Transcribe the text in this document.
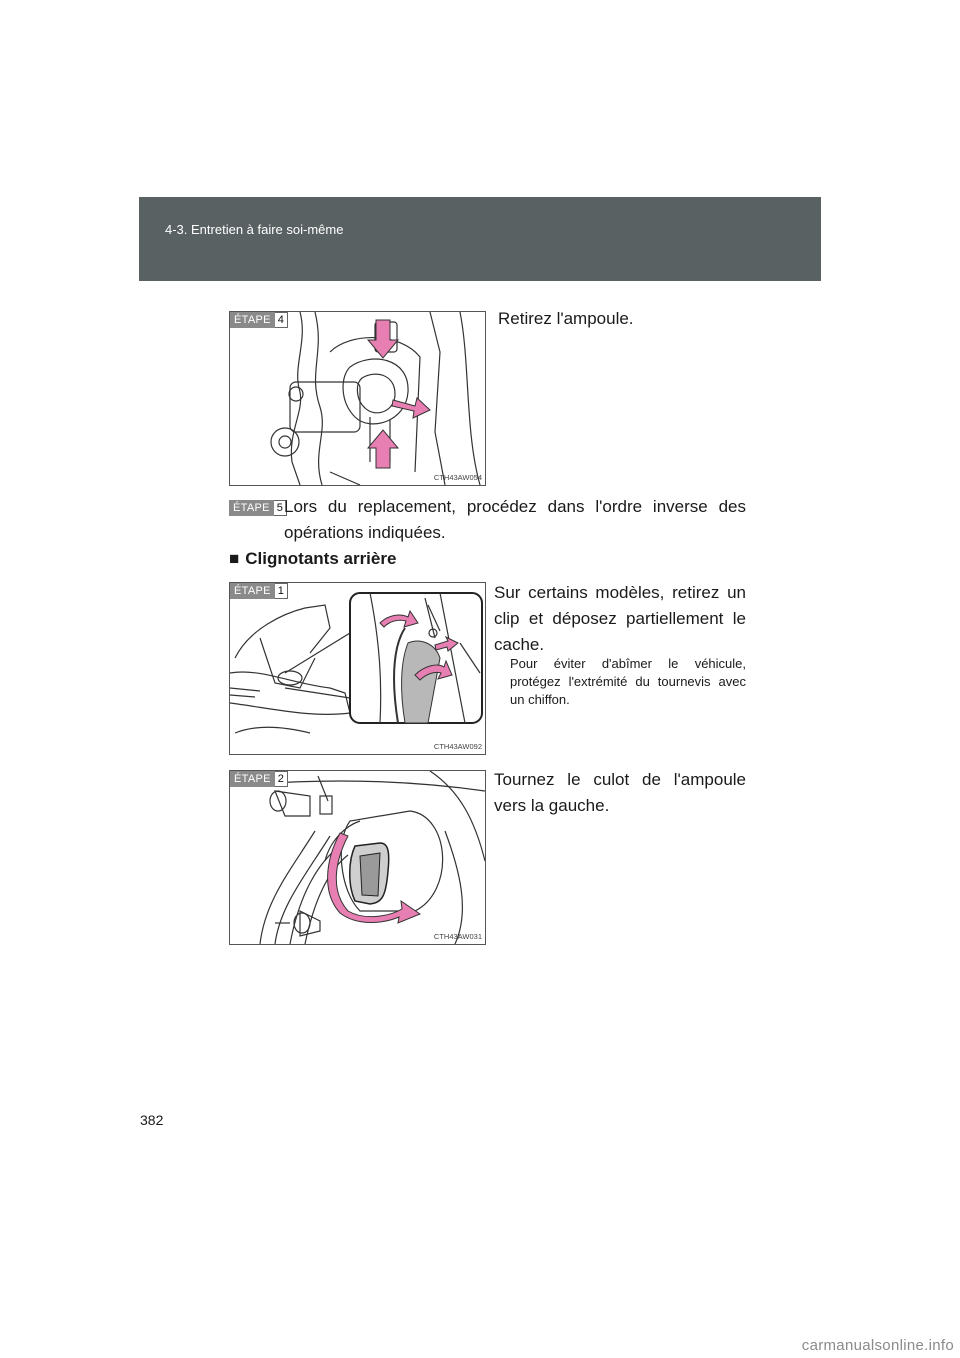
4-3. Entretien à faire soi-même
ÉTAPE 4
CTH43AW054
Retirez l'ampoule.
ÉTAPE 5 Lors du replacement, procédez dans l'ordre inverse des opérations indiquées.
■ Clignotants arrière
ÉTAPE 1
CTH43AW092
Sur certains modèles, retirez un clip et déposez partiellement le cache.
Pour éviter d'abîmer le véhicule, protégez l'extrémité du tournevis avec un chiffon.
ÉTAPE 2
CTH43AW031
Tournez le culot de l'ampoule vers la gauche.
382
carmanualsonline.info
